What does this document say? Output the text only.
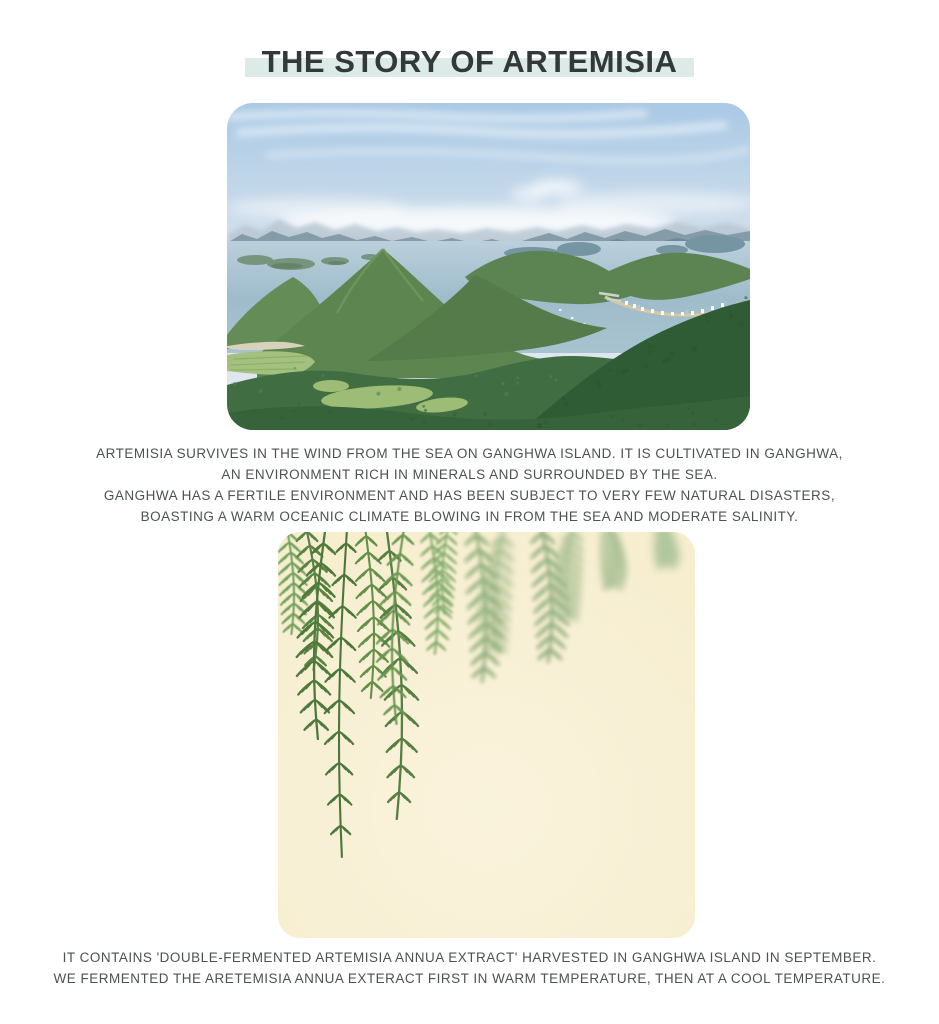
THE STORY OF ARTEMISIA
ARTEMISIA SURVIVES IN THE WIND FROM THE SEA ON GANGHWA ISLAND. IT IS CULTIVATED IN GANGHWA,
AN ENVIRONMENT RICH IN MINERALS AND SURROUNDED BY THE SEA.
GANGHWA HAS A FERTILE ENVIRONMENT AND HAS BEEN SUBJECT TO VERY FEW NATURAL DISASTERS,
BOASTING A WARM OCEANIC CLIMATE BLOWING IN FROM THE SEA AND MODERATE SALINITY.
IT CONTAINS 'DOUBLE-FERMENTED ARTEMISIA ANNUA EXTRACT' HARVESTED IN GANGHWA ISLAND IN SEPTEMBER.
WE FERMENTED THE ARETEMISIA ANNUA EXTERACT FIRST IN WARM TEMPERATURE, THEN AT A COOL TEMPERATURE.
